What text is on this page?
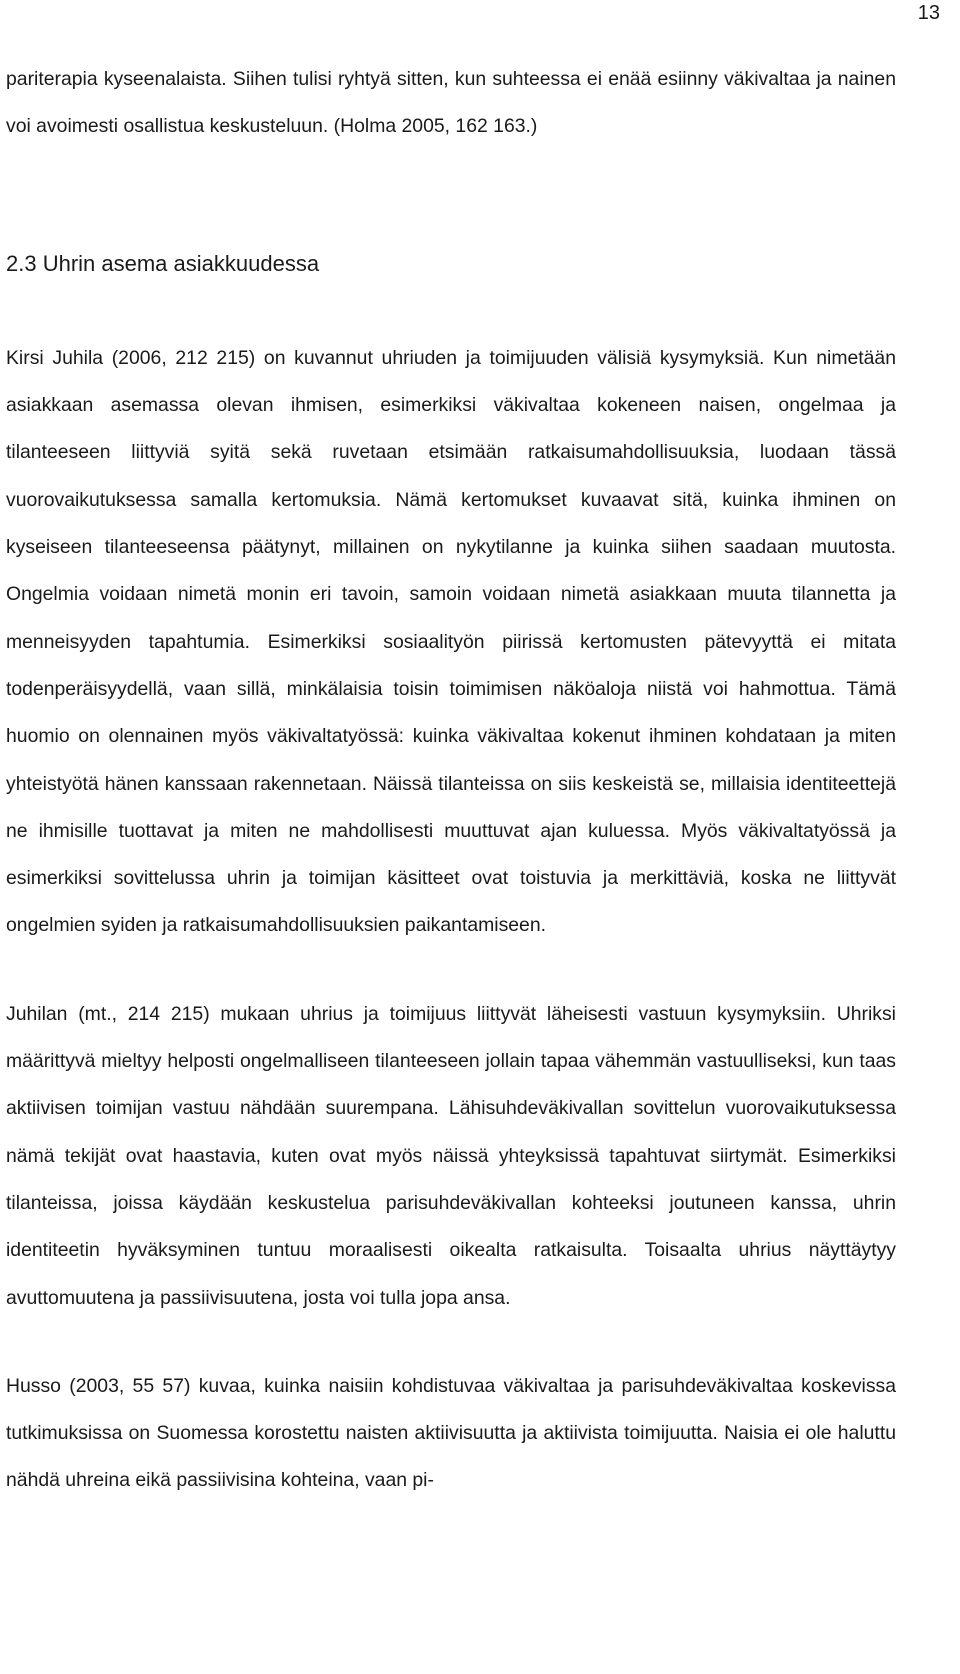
13

pariterapia kyseenalaista. Siihen tulisi ryhtyä sitten, kun suhteessa ei enää esiinny väkivaltaa ja nainen voi avoimesti osallistua keskusteluun. (Holma 2005, 162 163.)

2.3 Uhrin asema asiakkuudessa

Kirsi Juhila (2006, 212 215) on kuvannut uhriuden ja toimijuuden välisiä kysymyksiä. Kun nimetään asiakkaan asemassa olevan ihmisen, esimerkiksi väkivaltaa kokeneen naisen, ongelmaa ja tilanteeseen liittyviä syitä sekä ruvetaan etsimään ratkaisumahdollisuuksia, luodaan tässä vuorovaikutuksessa samalla kertomuksia. Nämä kertomukset kuvaavat sitä, kuinka ihminen on kyseiseen tilanteeseensa päätynyt, millainen on nykytilanne ja kuinka siihen saadaan muutosta. Ongelmia voidaan nimetä monin eri tavoin, samoin voidaan nimetä asiakkaan muuta tilannetta ja menneisyyden tapahtumia. Esimerkiksi sosiaalityön piirissä kertomusten pätevyyttä ei mitata todenperäisyydellä, vaan sillä, minkälaisia toisin toimimisen näköaloja niistä voi hahmottua. Tämä huomio on olennainen myös väkivaltatyössä: kuinka väkivaltaa kokenut ihminen kohdataan ja miten yhteistyötä hänen kanssaan rakennetaan. Näissä tilanteissa on siis keskeistä se, millaisia identiteettejä ne ihmisille tuottavat ja miten ne mahdollisesti muuttuvat ajan kuluessa. Myös väkivaltatyössä ja esimerkiksi sovittelussa uhrin ja toimijan käsitteet ovat toistuvia ja merkittäviä, koska ne liittyvät ongelmien syiden ja ratkaisumahdollisuuksien paikantamiseen.

Juhilan (mt., 214 215) mukaan uhrius ja toimijuus liittyvät läheisesti vastuun kysymyksiin. Uhriksi määrittyvä mieltyy helposti ongelmalliseen tilanteeseen jollain tapaa vähemmän vastuulliseksi, kun taas aktiivisen toimijan vastuu nähdään suurempana. Lähisuhdeväkivallan sovittelun vuorovaikutuksessa nämä tekijät ovat haastavia, kuten ovat myös näissä yhteyksissä tapahtuvat siirtymät. Esimerkiksi tilanteissa, joissa käydään keskustelua parisuhdeväkivallan kohteeksi joutuneen kanssa, uhrin identiteetin hyväksyminen tuntuu moraalisesti oikealta ratkaisulta. Toisaalta uhrius näyttäytyy avuttomuutena ja passiivisuutena, josta voi tulla jopa ansa.

Husso (2003, 55 57) kuvaa, kuinka naisiin kohdistuvaa väkivaltaa ja parisuhdeväkivaltaa koskevissa tutkimuksissa on Suomessa korostettu naisten aktiivisuutta ja aktiivista toimijuutta. Naisia ei ole haluttu nähdä uhreina eikä passiivisina kohteina, vaan pi-
